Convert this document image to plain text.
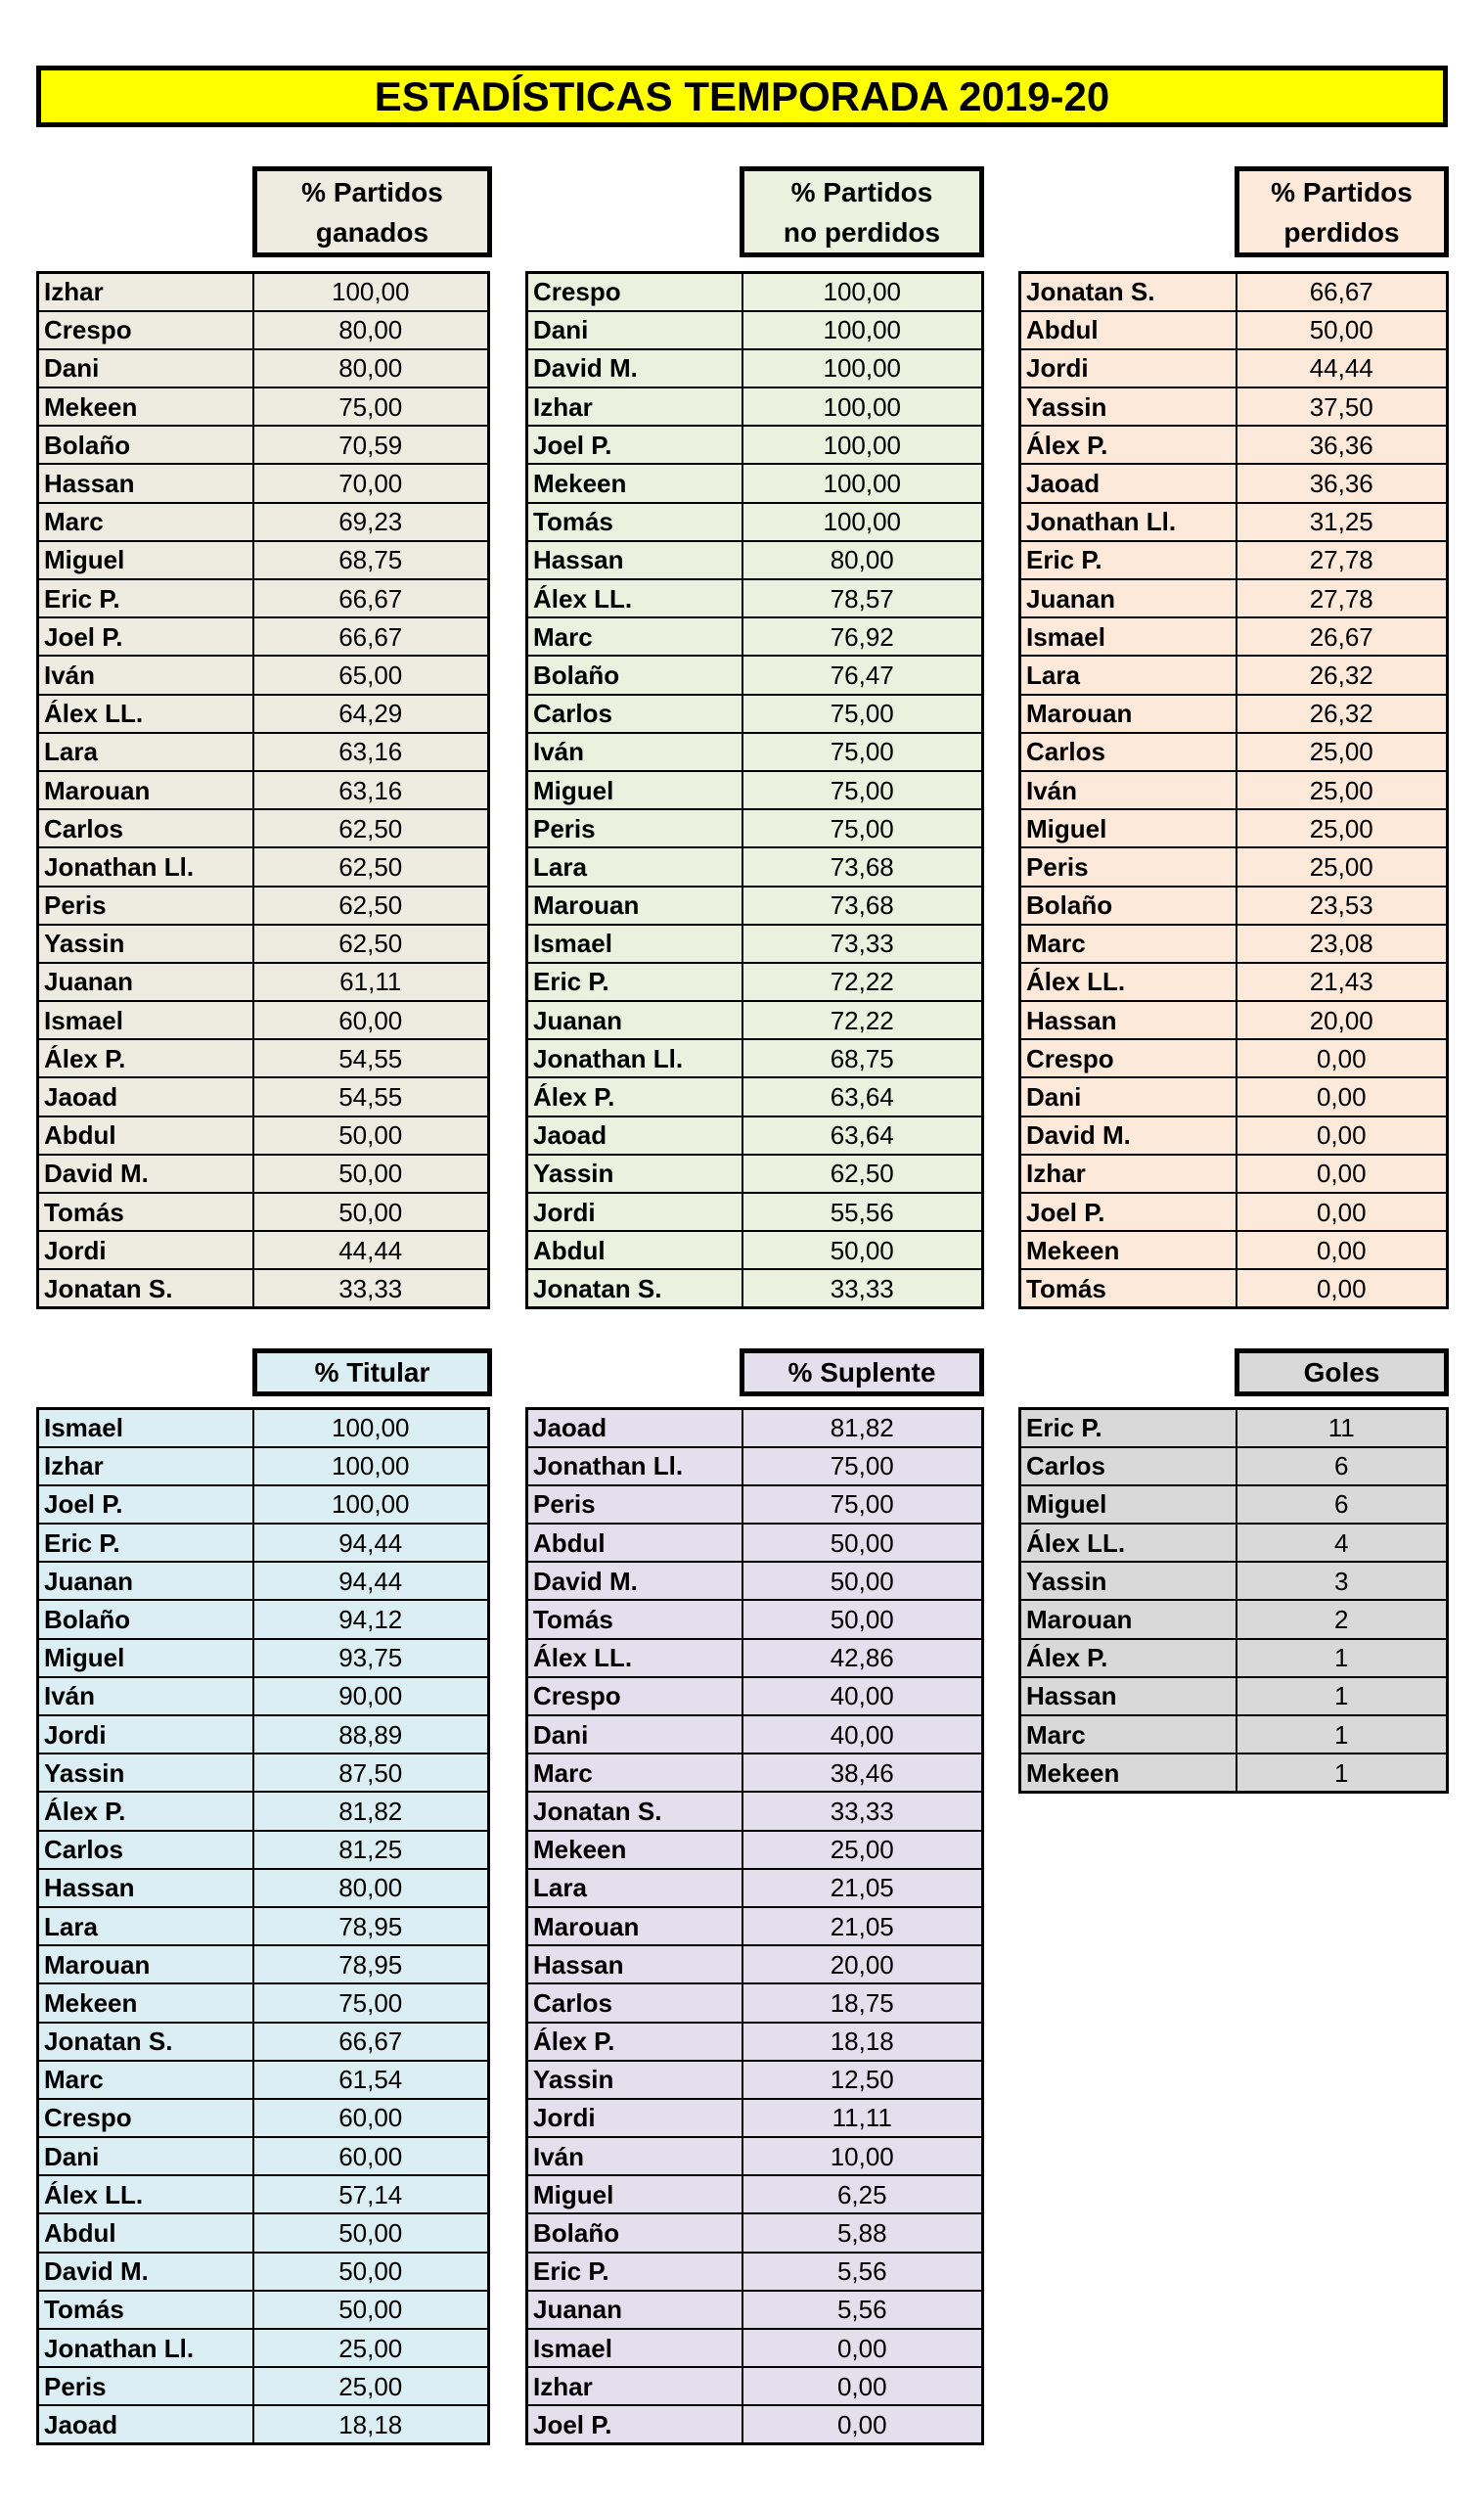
ESTADÍSTICAS TEMPORADA 2019-20
% Partidos
ganados
% Partidos
no perdidos
% Partidos
perdidos
% Titular	% Suplente	Goles
Izhar	100,00
Crespo	80,00
Dani	80,00
Mekeen	75,00
Bolaño	70,59
Hassan	70,00
Marc	69,23
Miguel	68,75
Eric P.	66,67
Joel P.	66,67
Iván	65,00
Álex LL.	64,29
Lara	63,16
Marouan	63,16
Carlos	62,50
Jonathan Ll.	62,50
Peris	62,50
Yassin	62,50
Juanan	61,11
Ismael	60,00
Álex P.	54,55
Jaoad	54,55
Abdul	50,00
David M.	50,00
Tomás	50,00
Jordi	44,44
Jonatan S.	33,33
Crespo	100,00
Dani	100,00
David M.	100,00
Izhar	100,00
Joel P.	100,00
Mekeen	100,00
Tomás	100,00
Hassan	80,00
Álex LL.	78,57
Marc	76,92
Bolaño	76,47
Carlos	75,00
Iván	75,00
Miguel	75,00
Peris	75,00
Lara	73,68
Marouan	73,68
Ismael	73,33
Eric P.	72,22
Juanan	72,22
Jonathan Ll.	68,75
Álex P.	63,64
Jaoad	63,64
Yassin	62,50
Jordi	55,56
Abdul	50,00
Jonatan S.	33,33
Jonatan S.	66,67
Abdul	50,00
Jordi	44,44
Yassin	37,50
Álex P.	36,36
Jaoad	36,36
Jonathan Ll.	31,25
Eric P.	27,78
Juanan	27,78
Ismael	26,67
Lara	26,32
Marouan	26,32
Carlos	25,00
Iván	25,00
Miguel	25,00
Peris	25,00
Bolaño	23,53
Marc	23,08
Álex LL.	21,43
Hassan	20,00
Crespo	0,00
Dani	0,00
David M.	0,00
Izhar	0,00
Joel P.	0,00
Mekeen	0,00
Tomás	0,00
Ismael	100,00
Izhar	100,00
Joel P.	100,00
Eric P.	94,44
Juanan	94,44
Bolaño	94,12
Miguel	93,75
Iván	90,00
Jordi	88,89
Yassin	87,50
Álex P.	81,82
Carlos	81,25
Hassan	80,00
Lara	78,95
Marouan	78,95
Mekeen	75,00
Jonatan S.	66,67
Marc	61,54
Crespo	60,00
Dani	60,00
Álex LL.	57,14
Abdul	50,00
David M.	50,00
Tomás	50,00
Jonathan Ll.	25,00
Peris	25,00
Jaoad	18,18
Jaoad	81,82
Jonathan Ll.	75,00
Peris	75,00
Abdul	50,00
David M.	50,00
Tomás	50,00
Álex LL.	42,86
Crespo	40,00
Dani	40,00
Marc	38,46
Jonatan S.	33,33
Mekeen	25,00
Lara	21,05
Marouan	21,05
Hassan	20,00
Carlos	18,75
Álex P.	18,18
Yassin	12,50
Jordi	11,11
Iván	10,00
Miguel	6,25
Bolaño	5,88
Eric P.	5,56
Juanan	5,56
Ismael	0,00
Izhar	0,00
Joel P.	0,00
Eric P.	11
Carlos	6
Miguel	6
Álex LL.	4
Yassin	3
Marouan	2
Álex P.	1
Hassan	1
Marc	1
Mekeen	1
